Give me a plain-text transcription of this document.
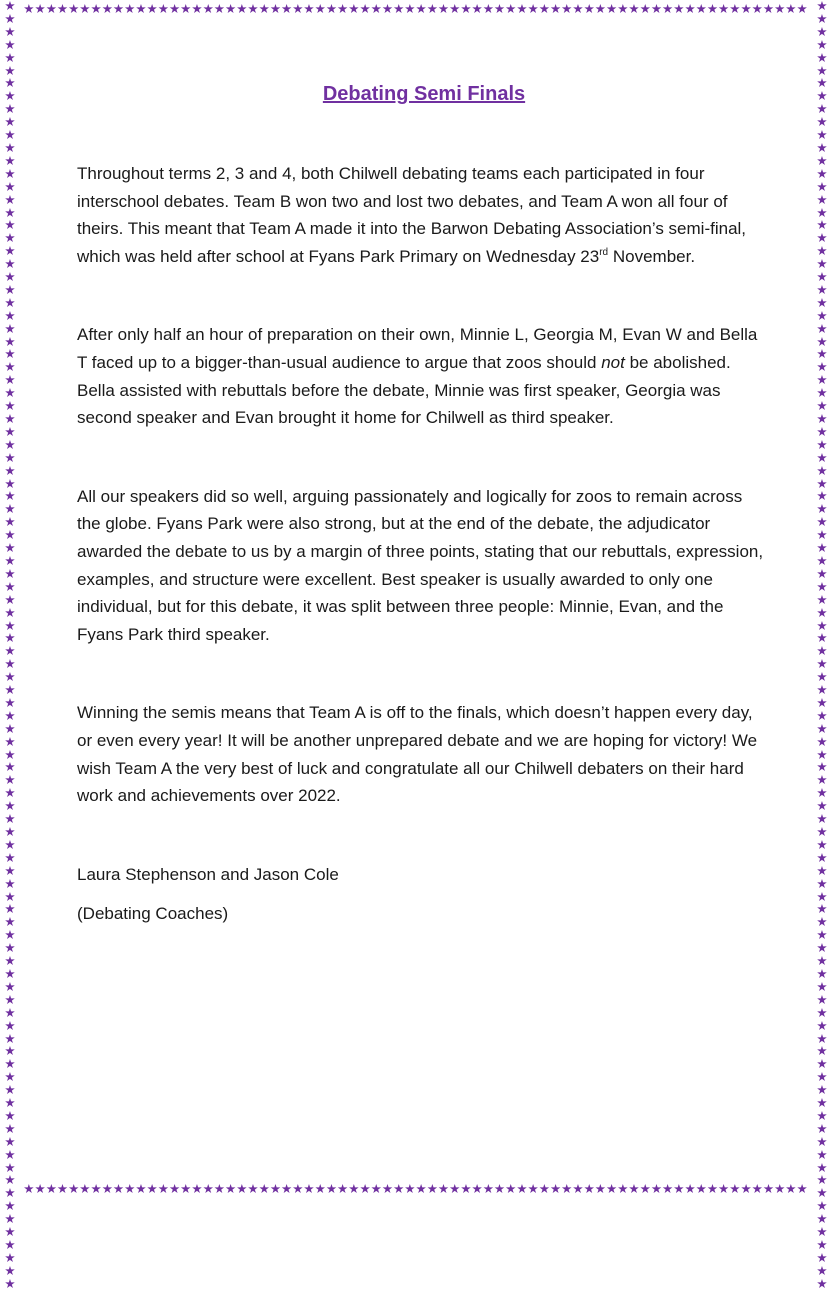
★★★★★★★★★★★★★★★★★★★★★★★★★★★★★★★★★★★★★★★★★★★★★★★★★★★★★★★★★★★★★★★★★★★★★★
★★★★★★★★★★★★★★★★★★★★★★★★★★★★★★★★★★★★★★★★★★★★★★★★★★★★★★★★★★★★★★★★★★★★★★
★★★★★★★★★★★★★★★★★★★★★★★★★★★★★★★★★★★★★★★★★★★★★★★★★★★★★★★★★★★★★★★★★★★★★★★★★★★★★★★★★★★★★★★★★★★★★★★★★★★★
★★★★★★★★★★★★★★★★★★★★★★★★★★★★★★★★★★★★★★★★★★★★★★★★★★★★★★★★★★★★★★★★★★★★★★★★★★★★★★★★★★★★★★★★★★★★★★★★★★★★
Debating Semi Finals

Throughout terms 2, 3 and 4, both Chilwell debating teams each participated in four interschool debates. Team B won two and lost two debates, and Team A won all four of theirs. This meant that Team A made it into the Barwon Debating Association’s semi-final, which was held after school at Fyans Park Primary on Wednesday 23rd November.

After only half an hour of preparation on their own, Minnie L, Georgia M, Evan W and Bella T faced up to a bigger-than-usual audience to argue that zoos should not be abolished. Bella assisted with rebuttals before the debate, Minnie was first speaker, Georgia was second speaker and Evan brought it home for Chilwell as third speaker.

All our speakers did so well, arguing passionately and logically for zoos to remain across the globe. Fyans Park were also strong, but at the end of the debate, the adjudicator awarded the debate to us by a margin of three points, stating that our rebuttals, expression, examples, and structure were excellent. Best speaker is usually awarded to only one individual, but for this debate, it was split between three people: Minnie, Evan, and the Fyans Park third speaker.

Winning the semis means that Team A is off to the finals, which doesn’t happen every day, or even every year! It will be another unprepared debate and we are hoping for victory! We wish Team A the very best of luck and congratulate all our Chilwell debaters on their hard work and achievements over 2022.

Laura Stephenson and Jason Cole

(Debating Coaches)
